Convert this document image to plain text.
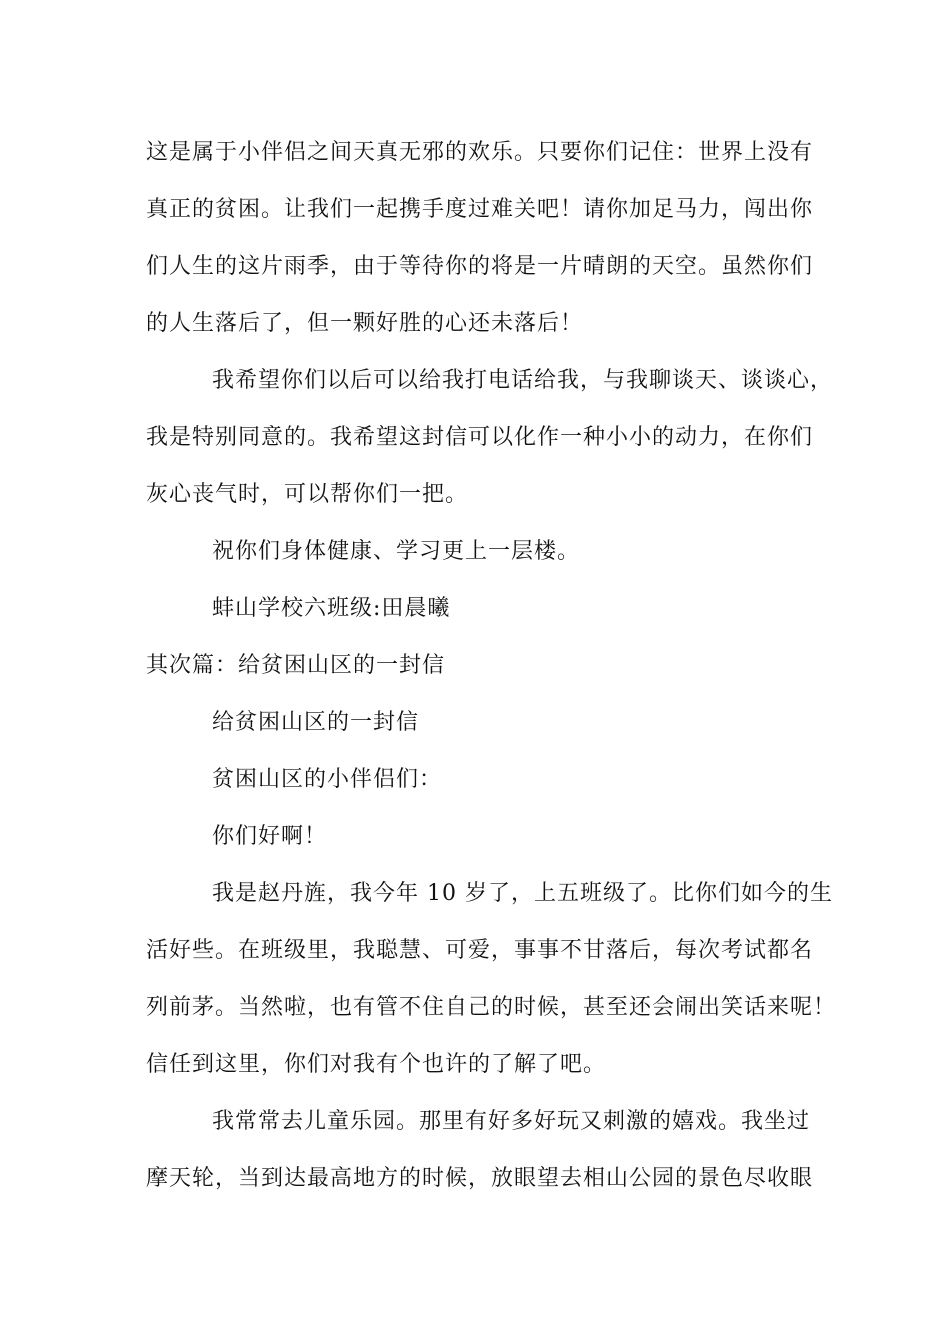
这是属于小伴侣之间天真无邪的欢乐。只要你们记住：世界上没有
真正的贫困。让我们一起携手度过难关吧！请你加足马力，闯出你
们人生的这片雨季，由于等待你的将是一片晴朗的天空。虽然你们
的人生落后了，但一颗好胜的心还未落后！
我希望你们以后可以给我打电话给我，与我聊谈天、谈谈心，
我是特别同意的。我希望这封信可以化作一种小小的动力，在你们
灰心丧气时，可以帮你们一把。
祝你们身体健康、学习更上一层楼。
蚌山学校六班级:田晨曦
其次篇：给贫困山区的一封信
给贫困山区的一封信
贫困山区的小伴侣们：
你们好啊！
我是赵丹旌，我今年 10 岁了，上五班级了。比你们如今的生
活好些。在班级里，我聪慧、可爱，事事不甘落后，每次考试都名
列前茅。当然啦，也有管不住自己的时候，甚至还会闹出笑话来呢！
信任到这里，你们对我有个也许的了解了吧。
我常常去儿童乐园。那里有好多好玩又刺激的嬉戏。我坐过
摩天轮，当到达最高地方的时候，放眼望去相山公园的景色尽收眼
